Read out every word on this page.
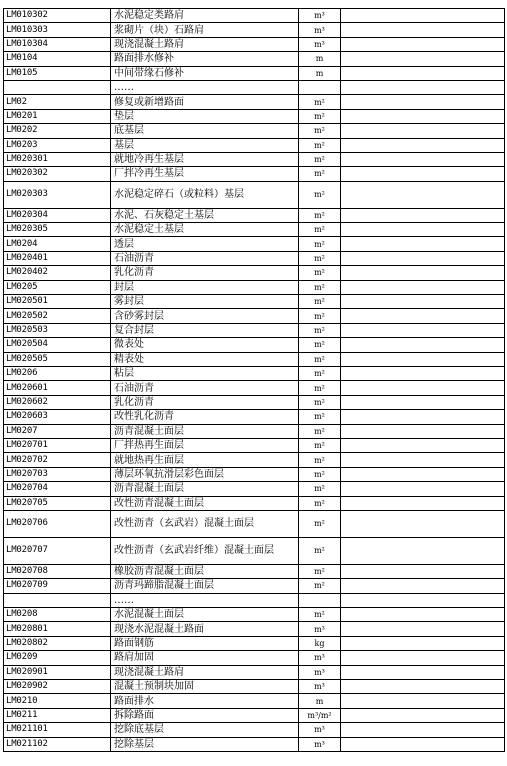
LM010302	水泥稳定类路肩	m³	
LM010303	浆砌片（块）石路肩	m³	
LM010304	现浇混凝土路肩	m³	
LM0104	路面排水修补	m	
LM0105	中间带缘石修补	m	
	……		
LM02	修复或新增路面	m²	
LM0201	垫层	m²	
LM0202	底基层	m²	
LM0203	基层	m²	
LM020301	就地冷再生基层	m²	
LM020302	厂拌冷再生基层	m²	
LM020303	水泥稳定碎石（或粒料）基层	m²	
LM020304	水泥、石灰稳定土基层	m²	
LM020305	水泥稳定土基层	m²	
LM0204	透层	m²	
LM020401	石油沥青	m²	
LM020402	乳化沥青	m²	
LM0205	封层	m²	
LM020501	雾封层	m²	
LM020502	含砂雾封层	m²	
LM020503	复合封层	m²	
LM020504	微表处	m²	
LM020505	精表处	m²	
LM0206	粘层	m²	
LM020601	石油沥青	m²	
LM020602	乳化沥青	m²	
LM020603	改性乳化沥青	m²	
LM0207	沥青混凝土面层	m²	
LM020701	厂拌热再生面层	m²	
LM020702	就地热再生面层	m²	
LM020703	薄层环氧抗滑层彩色面层	m²	
LM020704	沥青混凝土面层	m²	
LM020705	改性沥青混凝土面层	m²	
LM020706	改性沥青（玄武岩）混凝土面层	m²	
LM020707	改性沥青（玄武岩纤维）混凝土面层	m²	
LM020708	橡胶沥青混凝土面层	m²	
LM020709	沥青玛蹄脂混凝土面层	m²	
	……		
LM0208	水泥混凝土面层	m²	
LM020801	现浇水泥混凝土路面	m³	
LM020802	路面钢筋	kg	
LM0209	路肩加固	m³	
LM020901	现浇混凝土路肩	m³	
LM020902	混凝土预制块加固	m³	
LM0210	路面排水	m	
LM0211	拆除路面	m³/m²	
LM021101	挖除底基层	m³	
LM021102	挖除基层	m³	
